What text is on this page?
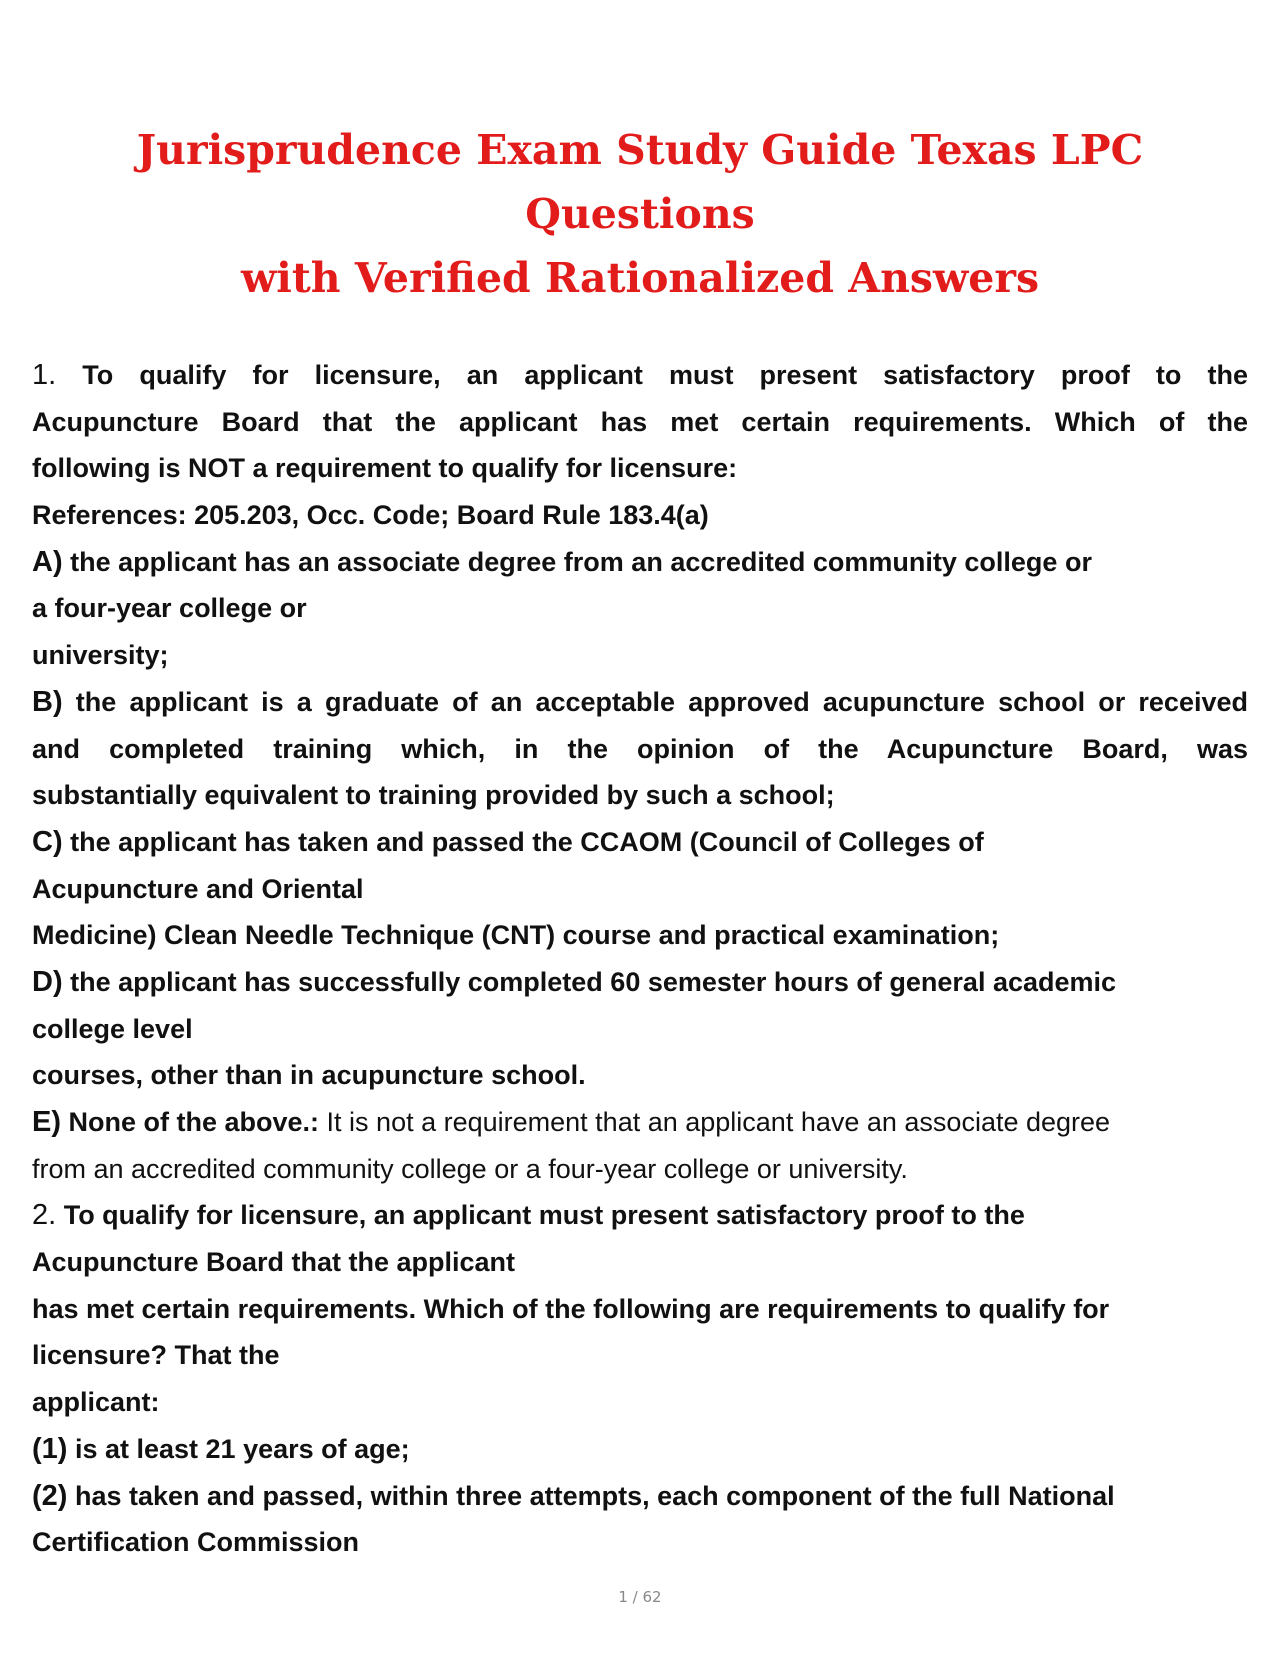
Jurisprudence Exam Study Guide Texas LPC Questions
with Verified Rationalized Answers
1. To qualify for licensure, an applicant must present satisfactory proof to the
Acupuncture Board that the applicant has met certain requirements. Which of the
following is NOT a requirement to qualify for licensure:
References: 205.203, Occ. Code; Board Rule 183.4(a)
A) the applicant has an associate degree from an accredited community college or
a four-year college or
university;
B) the applicant is a graduate of an acceptable approved acupuncture school or received
and completed training which, in the opinion of the Acupuncture Board, was
substantially equivalent to training provided by such a school;
C) the applicant has taken and passed the CCAOM (Council of Colleges of
Acupuncture and Oriental
Medicine) Clean Needle Technique (CNT) course and practical examination;
D) the applicant has successfully completed 60 semester hours of general academic
college level
courses, other than in acupuncture school.
E) None of the above.: It is not a requirement that an applicant have an associate degree
from an accredited community college or a four-year college or university.
2. To qualify for licensure, an applicant must present satisfactory proof to the
Acupuncture Board that the applicant
has met certain requirements. Which of the following are requirements to qualify for
licensure? That the
applicant:
(1) is at least 21 years of age;
(2) has taken and passed, within three attempts, each component of the full National
Certification Commission
1 / 62
